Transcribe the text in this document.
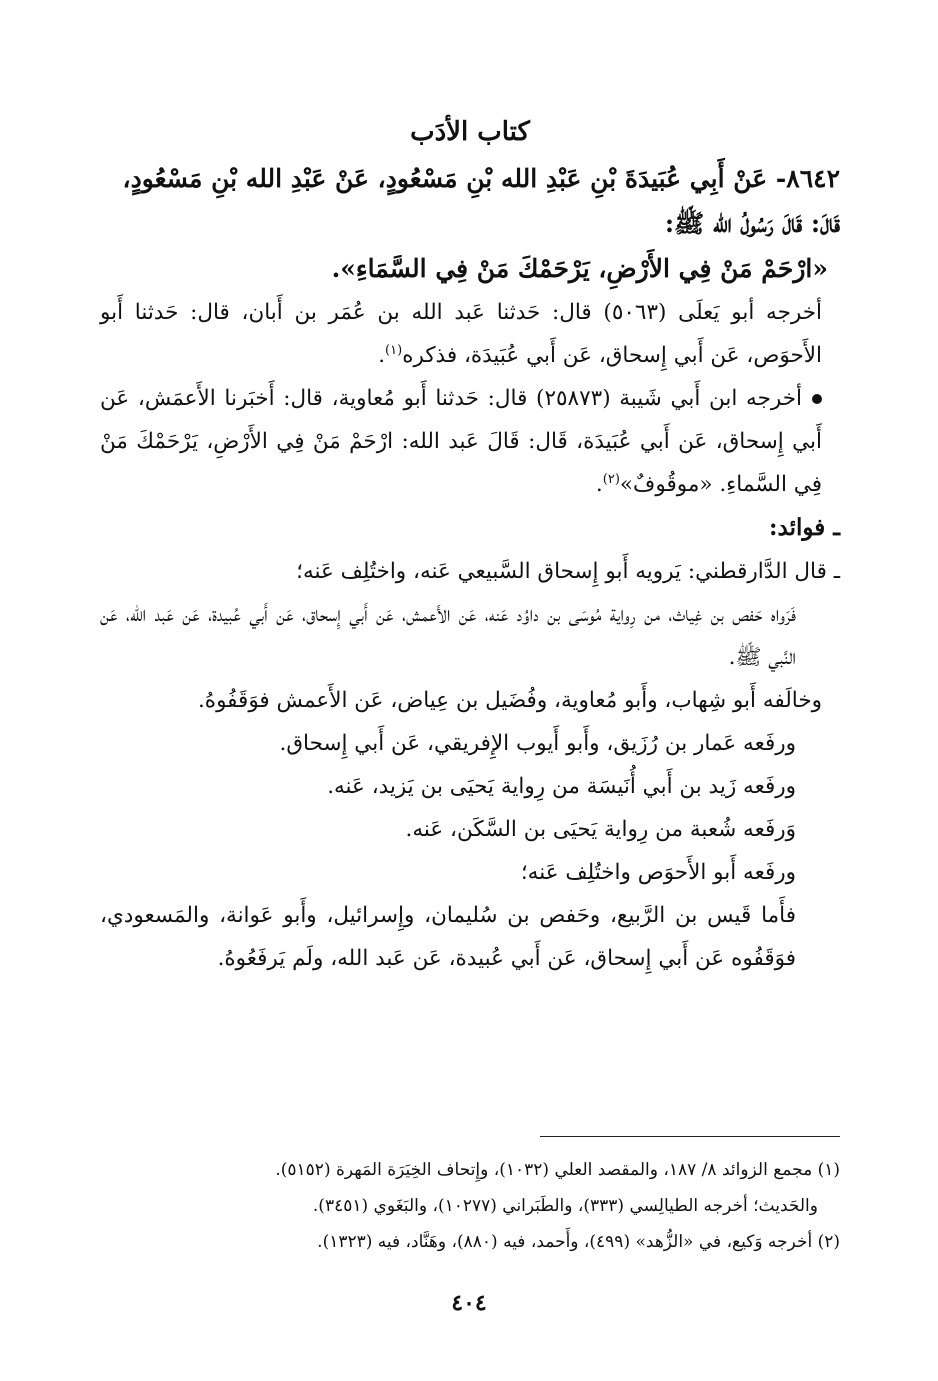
كتاب الأدَب

٨٦٤٢- عَنْ أَبِي عُبَيدَةَ بْنِ عَبْدِ الله بْنِ مَسْعُودٍ، عَنْ عَبْدِ الله بْنِ مَسْعُودٍ،

قَالَ: قَالَ رَسُولُ الله ﷺ:

«ارْحَمْ مَنْ فِي الأَرْضِ، يَرْحَمْكَ مَنْ فِي السَّمَاءِ».

أخرجه أبو يَعلَى (٥٠٦٣) قال: حَدثنا عَبد الله بن عُمَر بن أَبان، قال: حَدثنا أَبو الأَحوَص، عَن أَبي إِسحاق، عَن أَبي عُبَيدَة، فذكره$^{(١)}$.

أخرجه ابن أَبي شَيبة (٢٥٨٧٣) قال: حَدثنا أَبو مُعاوية، قال: أَخبَرنا الأَعمَش، عَن أَبي إِسحاق، عَن أَبي عُبَيدَة، قَال: قَالَ عَبد الله: ارْحَمْ مَنْ فِي الأَرْضِ، يَرْحَمْكَ مَنْ فِي السَّماءِ. «موقُوفٌ»$^{(٢)}$.

ـ فوائد:

ـ قال الدَّارقطني: يَرويه أَبو إِسحاق السَّبيعي عَنه، واختُلِف عَنه؛

فَرَواه حَفص بن غِياث، من رِواية مُوسَى بن داوُد عَنه، عَن الأَعمش، عَن أَبي إِسحاق، عَن أَبي عُبيدة، عَن عَبد الله، عَن النَّبي ﷺ.

وخالَفه أَبو شِهاب، وأَبو مُعاوية، وفُضَيل بن عِياض، عَن الأَعمش فوَقَفُوهُ.

ورفَعه عَمار بن رُزَيق، وأَبو أَيوب الإِفريقي، عَن أَبي إِسحاق.

ورفَعه زَيد بن أَبي أُنَيسَة من رِواية يَحيَى بن يَزيد، عَنه.

وَرفَعه شُعبة من رِواية يَحيَى بن السَّكَن، عَنه.

ورفَعه أَبو الأَحوَص واختُلِف عَنه؛

فأَما قَيس بن الرَّبيع، وحَفص بن سُليمان، وإِسرائيل، وأَبو عَوانة، والمَسعودي، فوَقَفُوه عَن أَبي إِسحاق، عَن أَبي عُبيدة، عَن عَبد الله، ولَم يَرفَعُوهُ.

(١) مجمع الزوائد ٨/ ١٨٧، والمقصد العلي (١٠٣٢)، وإِتحاف الخِيَرَة المَهرة (٥١٥٢).

والحَديث؛ أخرجه الطيالِسي (٣٣٣)، والطَبَراني (١٠٢٧٧)، والبَغَوي (٣٤٥١).

(٢) أخرجه وَكيع، في «الزُّهد» (٤٩٩)، وأَحمد، فيه (٨٨٠)، وهَنَّاد، فيه (١٣٢٣).

٤٠٤
